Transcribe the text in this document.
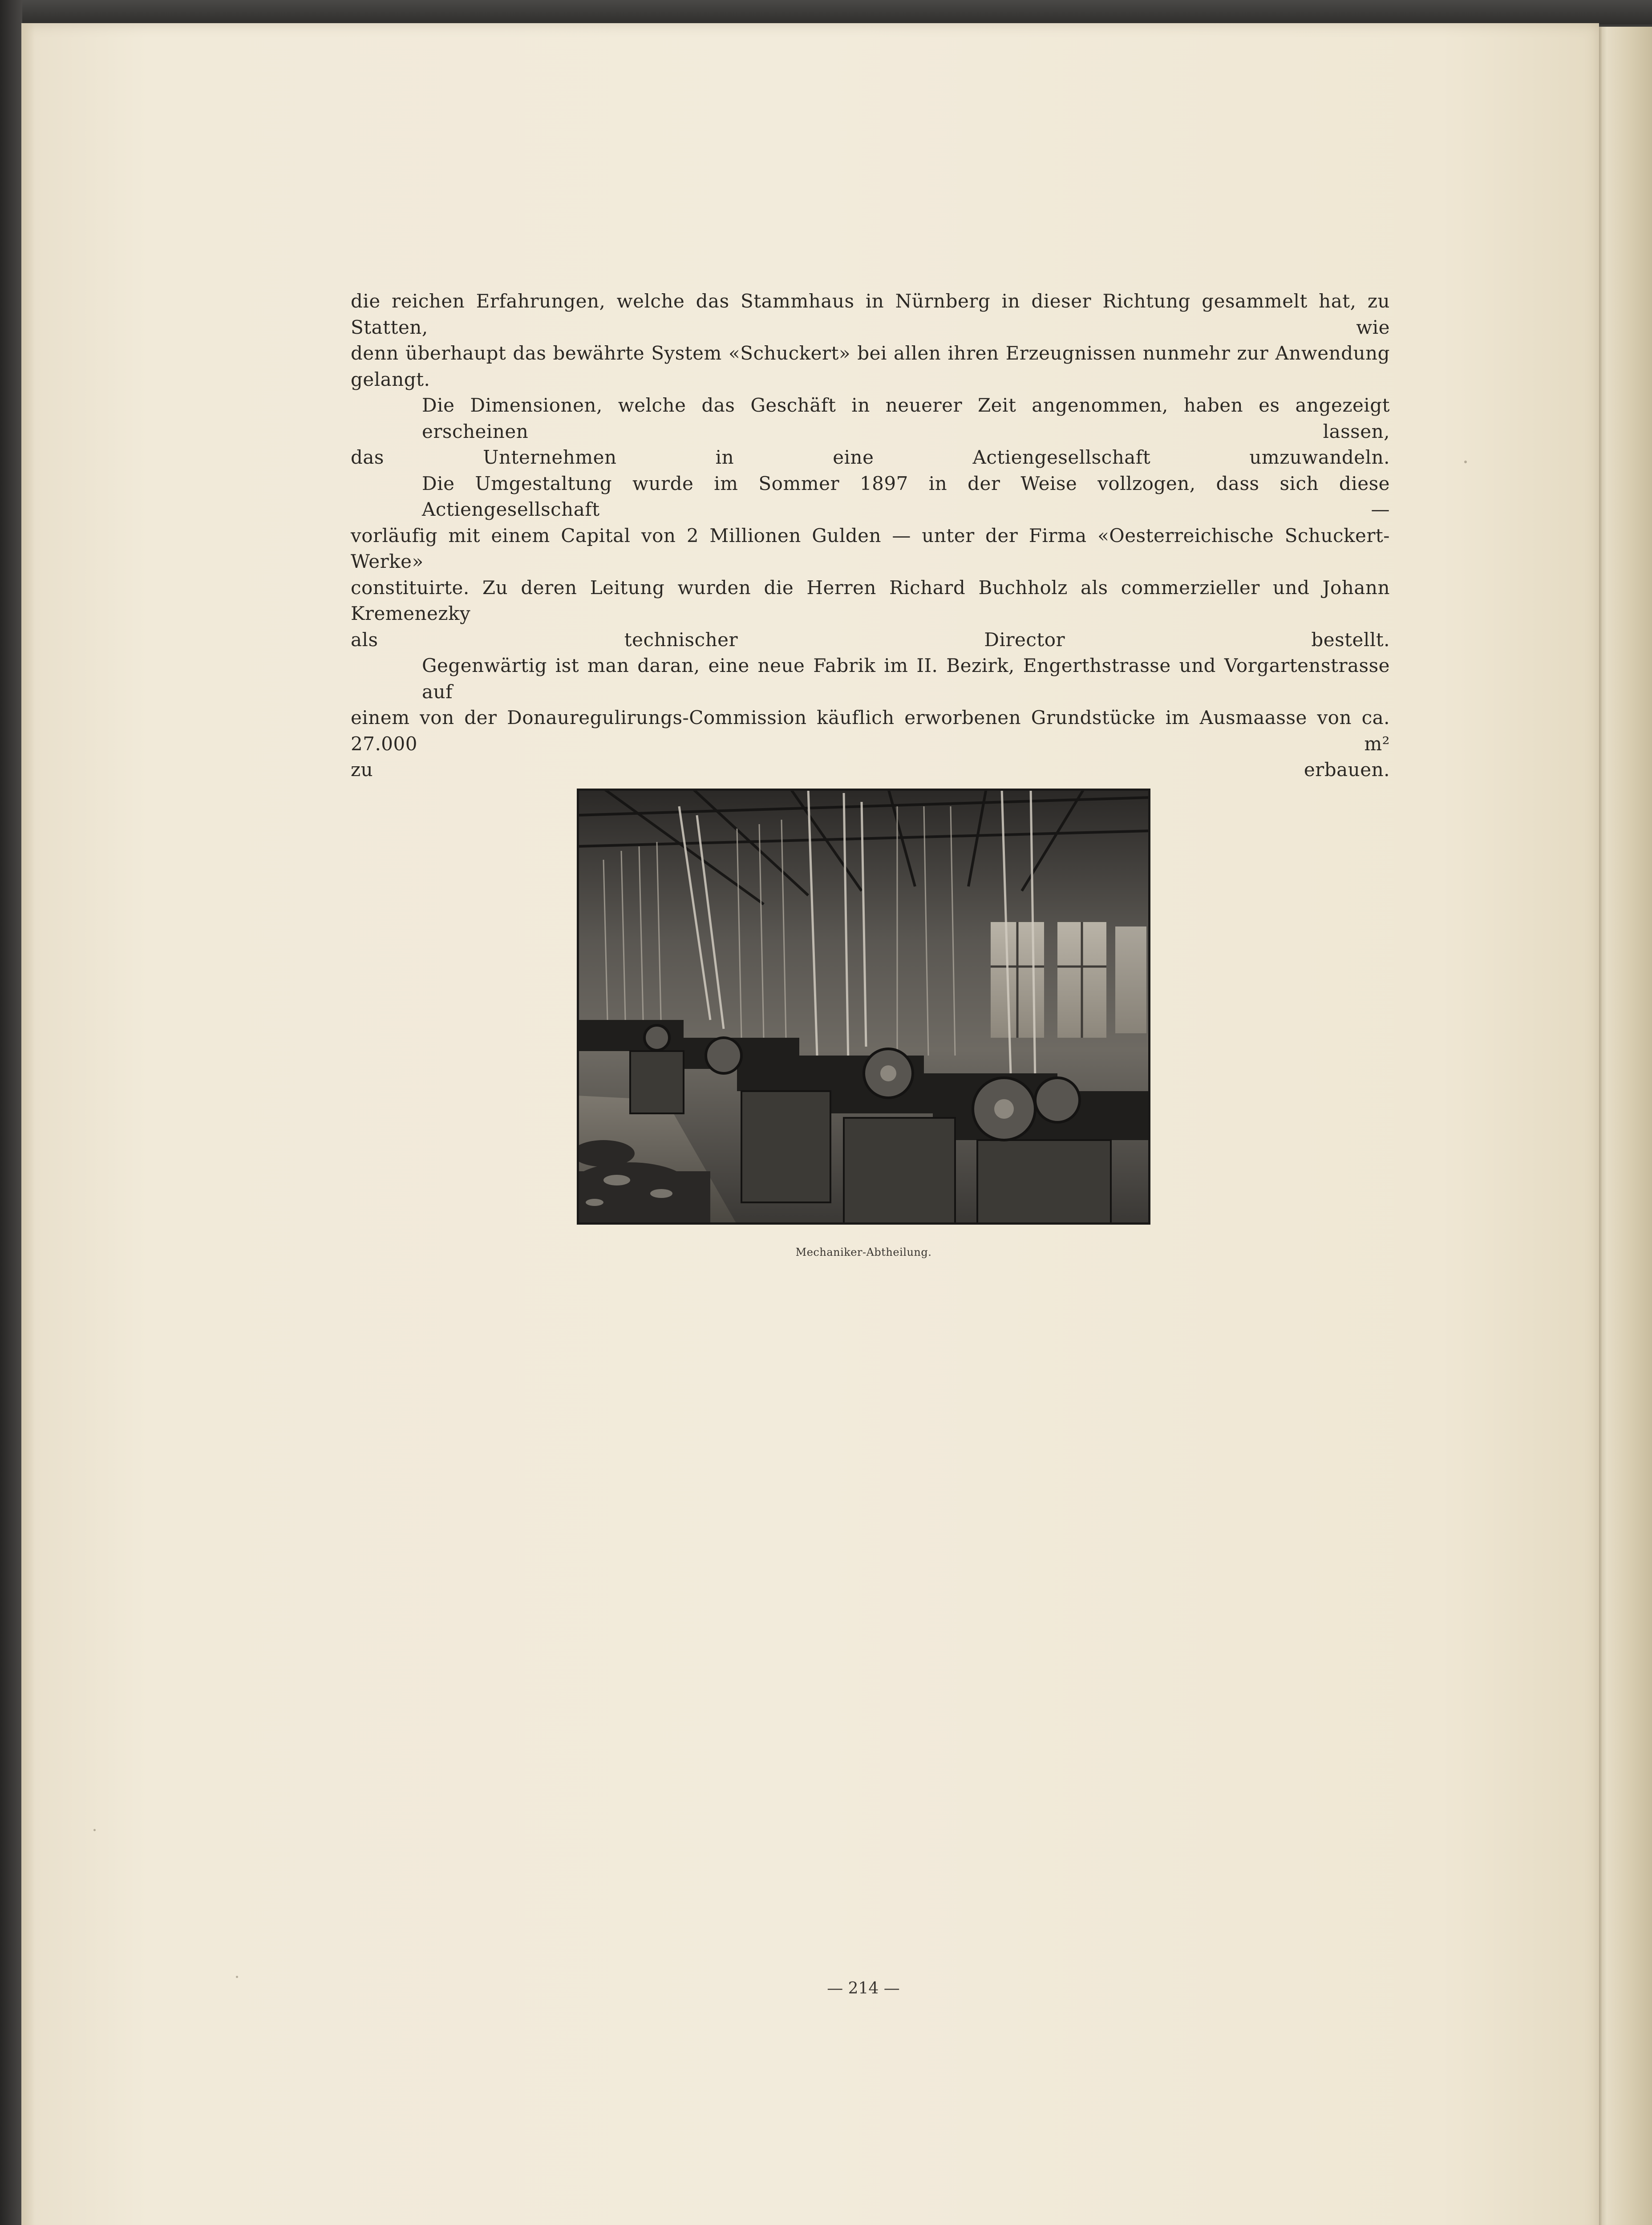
die reichen Erfahrungen, welche das Stammhaus in Nürnberg in dieser Richtung gesammelt hat, zu Statten, wie
denn überhaupt das bewährte System «Schuckert» bei allen ihren Erzeugnissen nunmehr zur Anwendung gelangt.

Die Dimensionen, welche das Geschäft in neuerer Zeit angenommen, haben es angezeigt erscheinen lassen,
das Unternehmen in eine Actiengesellschaft umzuwandeln.

Die Umgestaltung wurde im Sommer 1897 in der Weise vollzogen, dass sich diese Actiengesellschaft —
vorläufig mit einem Capital von 2 Millionen Gulden — unter der Firma «Oesterreichische Schuckert-Werke»
constituirte. Zu deren Leitung wurden die Herren Richard Buchholz als commerzieller und Johann Kremenezky
als technischer Director bestellt.

Gegenwärtig ist man daran, eine neue Fabrik im II. Bezirk, Engerthstrasse und Vorgartenstrasse auf
einem von der Donauregulirungs-Commission käuflich erworbenen Grundstücke im Ausmaasse von ca. 27.000 m²
zu erbauen.

Mechaniker-Abtheilung.
— 214 —
